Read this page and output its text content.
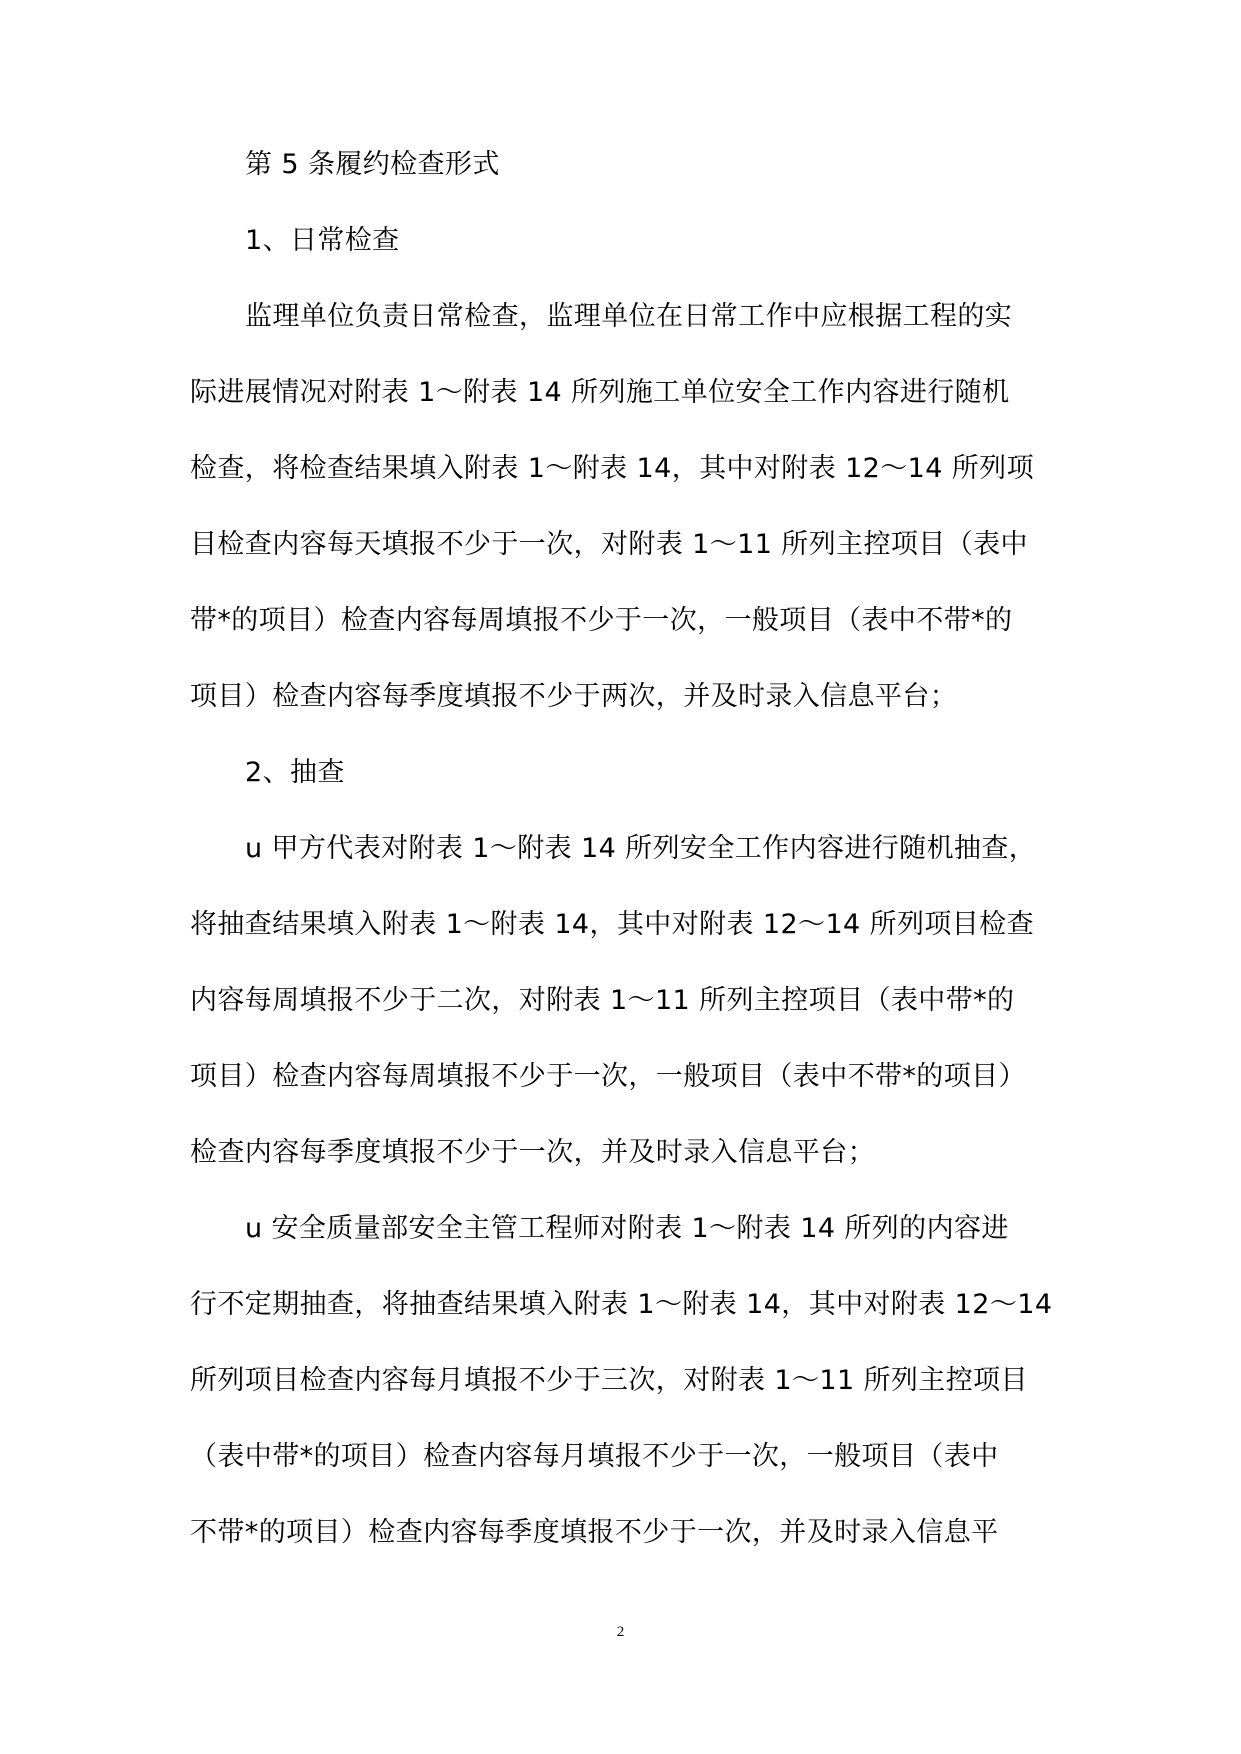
第 5 条履约检查形式
1、日常检查
监理单位负责日常检查，监理单位在日常工作中应根据工程的实
际进展情况对附表 1～附表 14 所列施工单位安全工作内容进行随机
检查，将检查结果填入附表 1～附表 14，其中对附表 12～14 所列项
目检查内容每天填报不少于一次，对附表 1～11 所列主控项目（表中
带*的项目）检查内容每周填报不少于一次，一般项目（表中不带*的
项目）检查内容每季度填报不少于两次，并及时录入信息平台；
2、抽查
u 甲方代表对附表 1～附表 14 所列安全工作内容进行随机抽查，
将抽查结果填入附表 1～附表 14，其中对附表 12～14 所列项目检查
内容每周填报不少于二次，对附表 1～11 所列主控项目（表中带*的
项目）检查内容每周填报不少于一次，一般项目（表中不带*的项目）
检查内容每季度填报不少于一次，并及时录入信息平台；
u 安全质量部安全主管工程师对附表 1～附表 14 所列的内容进
行不定期抽查，将抽查结果填入附表 1～附表 14，其中对附表 12～14
所列项目检查内容每月填报不少于三次，对附表 1～11 所列主控项目
（表中带*的项目）检查内容每月填报不少于一次，一般项目（表中
不带*的项目）检查内容每季度填报不少于一次，并及时录入信息平
2
